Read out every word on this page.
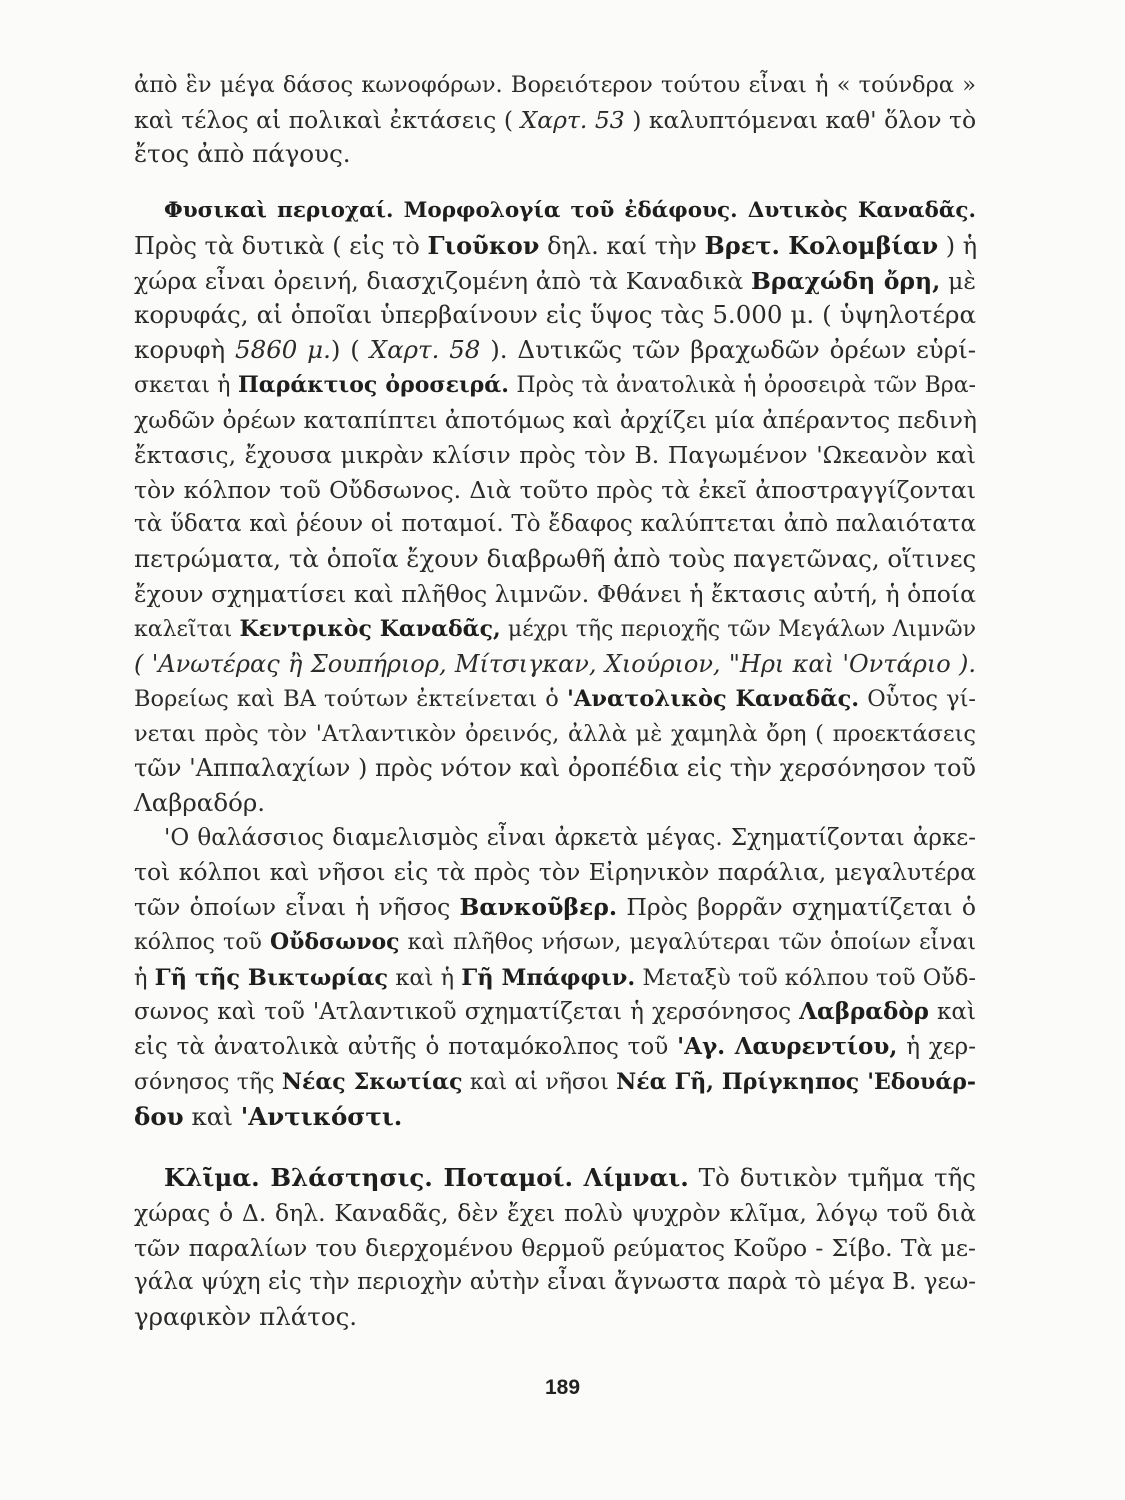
ἀπὸ ἓν μέγα δάσος κωνοφόρων. Βορειότερον τούτου εἶναι ἡ « τούνδρα »
καὶ τέλος αἱ πολικαὶ ἐκτάσεις ( Χαρτ. 53 ) καλυπτόμεναι καθ' ὅλον τὸ
ἔτος ἀπὸ πάγους.
Φυσικαὶ περιοχαί. Μορφολογία τοῦ ἐδάφους. Δυτικὸς Καναδᾶς.
Πρὸς τὰ δυτικὰ ( εἰς τὸ Γιοῦκον δηλ. καί τὴν Βρετ. Κολομβίαν ) ἡ
χώρα εἶναι ὀρεινή, διασχιζομένη ἀπὸ τὰ Καναδικὰ Βραχώδη ὄρη, μὲ
κορυφάς, αἱ ὁποῖαι ὑπερβαίνουν εἰς ὕψος τὰς 5.000 μ. ( ὑψηλοτέρα
κορυφὴ 5860 μ.) ( Χαρτ. 58 ). Δυτικῶς τῶν βραχωδῶν ὀρέων εὑρί-
σκεται ἡ Παράκτιος ὀροσειρά. Πρὸς τὰ ἀνατολικὰ ἡ ὀροσειρὰ τῶν Βρα-
χωδῶν ὀρέων καταπίπτει ἀποτόμως καὶ ἀρχίζει μία ἀπέραντος πεδινὴ
ἔκτασις, ἔχουσα μικρὰν κλίσιν πρὸς τὸν Β. Παγωμένον 'Ωκεανὸν καὶ
τὸν κόλπον τοῦ Οὔδσωνος. Διὰ τοῦτο πρὸς τὰ ἐκεῖ ἀποστραγγίζονται
τὰ ὕδατα καὶ ῥέουν οἱ ποταμοί. Τὸ ἔδαφος καλύπτεται ἀπὸ παλαιότατα
πετρώματα, τὰ ὁποῖα ἔχουν διαβρωθῆ ἀπὸ τοὺς παγετῶνας, οἵτινες
ἔχουν σχηματίσει καὶ πλῆθος λιμνῶν. Φθάνει ἡ ἔκτασις αὐτή, ἡ ὁποία
καλεῖται Κεντρικὸς Καναδᾶς, μέχρι τῆς περιοχῆς τῶν Μεγάλων Λιμνῶν
( 'Ανωτέρας ἢ Σουπήριορ, Μίτσιγκαν, Χιούριον, "Ηρι καὶ 'Οντάριο ).
Βορείως καὶ ΒΑ τούτων ἐκτείνεται ὁ 'Ανατολικὸς Καναδᾶς. Οὗτος γί-
νεται πρὸς τὸν 'Ατλαντικὸν ὀρεινός, ἀλλὰ μὲ χαμηλὰ ὄρη ( προεκτάσεις
τῶν 'Αππαλαχίων ) πρὸς νότον καὶ ὀροπέδια εἰς τὴν χερσόνησον τοῦ
Λαβραδόρ.
'Ο θαλάσσιος διαμελισμὸς εἶναι ἀρκετὰ μέγας. Σχηματίζονται ἀρκε-
τοὶ κόλποι καὶ νῆσοι εἰς τὰ πρὸς τὸν Εἰρηνικὸν παράλια, μεγαλυτέρα
τῶν ὁποίων εἶναι ἡ νῆσος Βανκοῦβερ. Πρὸς βορρᾶν σχηματίζεται ὁ
κόλπος τοῦ Οὔδσωνος καὶ πλῆθος νήσων, μεγαλύτεραι τῶν ὁποίων εἶναι
ἡ Γῆ τῆς Βικτωρίας καὶ ἡ Γῆ Μπάφφιν. Μεταξὺ τοῦ κόλπου τοῦ Οὔδ-
σωνος καὶ τοῦ 'Ατλαντικοῦ σχηματίζεται ἡ χερσόνησος Λαβραδὸρ καὶ
εἰς τὰ ἀνατολικὰ αὐτῆς ὁ ποταμόκολπος τοῦ 'Αγ. Λαυρεντίου, ἡ χερ-
σόνησος τῆς Νέας Σκωτίας καὶ αἱ νῆσοι Νέα Γῆ, Πρίγκηπος 'Εδουάρ-
δου καὶ 'Αντικόστι.
Κλῖμα. Βλάστησις. Ποταμοί. Λίμναι. Τὸ δυτικὸν τμῆμα τῆς
χώρας ὁ Δ. δηλ. Καναδᾶς, δὲν ἔχει πολὺ ψυχρὸν κλῖμα, λόγῳ τοῦ διὰ
τῶν παραλίων του διερχομένου θερμοῦ ρεύματος Κοῦρο - Σίβο. Τὰ με-
γάλα ψύχη εἰς τὴν περιοχὴν αὐτὴν εἶναι ἄγνωστα παρὰ τὸ μέγα Β. γεω-
γραφικὸν πλάτος.
189
